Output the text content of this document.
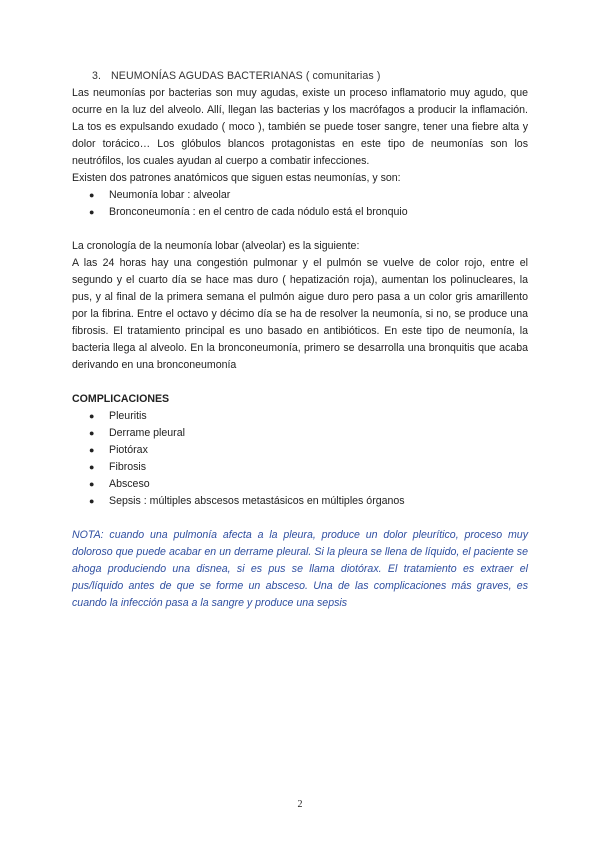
3. NEUMONÍAS AGUDAS BACTERIANAS ( comunitarias )

Las neumonías por bacterias son muy agudas, existe un proceso inflamatorio muy agudo, que ocurre en la luz del alveolo. Allí, llegan las bacterias y los macrófagos a producir la inflamación. La tos es expulsando exudado ( moco ), también se puede toser sangre, tener una fiebre alta y dolor torácico… Los glóbulos blancos protagonistas en este tipo de neumonías son los neutrófilos, los cuales ayudan al cuerpo a combatir infecciones.

Existen dos patrones anatómicos que siguen estas neumonías, y son:

● Neumonía lobar : alveolar
● Bronconeumonía : en el centro de cada nódulo está el bronquio

La cronología de la neumonía lobar (alveolar) es la siguiente:

A las 24 horas hay una congestión pulmonar y el pulmón se vuelve de color rojo, entre el segundo y el cuarto día se hace mas duro ( hepatización roja), aumentan los polinucleares, la pus, y al final de la primera semana el pulmón aigue duro pero pasa a un color gris amarillento por la fibrina. Entre el octavo y décimo día se ha de resolver la neumonía, si no, se produce una fibrosis. El tratamiento principal es uno basado en antibióticos. En este tipo de neumonía, la bacteria llega al alveolo. En la bronconeumonía, primero se desarrolla una bronquitis que acaba derivando en una bronconeumonía

COMPLICACIONES

● Pleuritis
● Derrame pleural
● Piotórax
● Fibrosis
● Absceso
● Sepsis : múltiples abscesos metastásicos en múltiples órganos

NOTA: cuando una pulmonía afecta a la pleura, produce un dolor pleurítico, proceso muy doloroso que puede acabar en un derrame pleural. Si la pleura se llena de líquido, el paciente se ahoga produciendo una disnea, si es pus se llama diotórax. El tratamiento es extraer el pus/líquido antes de que se forme un absceso. Una de las complicaciones más graves, es cuando la infección pasa a la sangre y produce una sepsis

2
